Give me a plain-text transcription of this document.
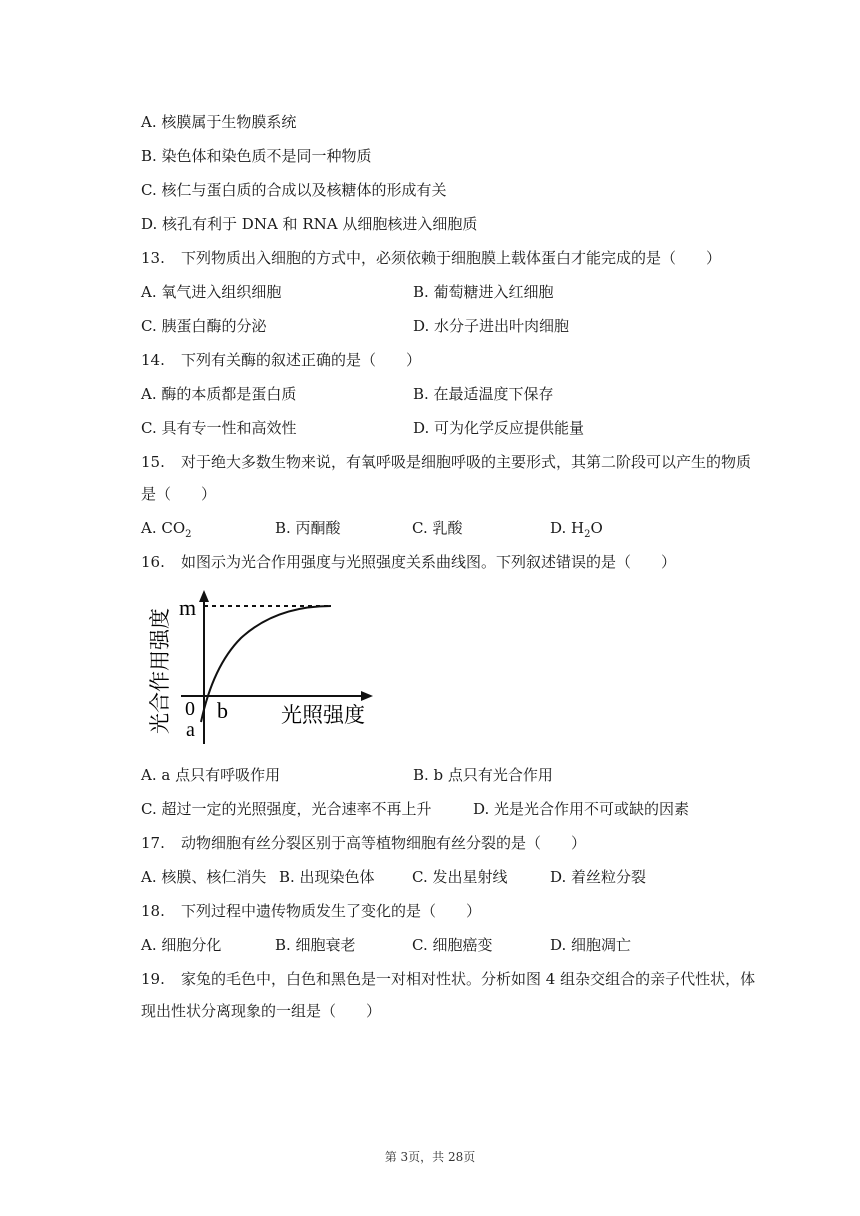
A. 核膜属于生物膜系统
B. 染色体和染色质不是同一种物质
C. 核仁与蛋白质的合成以及核糖体的形成有关
D. 核孔有利于 DNA 和 RNA 从细胞核进入细胞质
13. 下列物质出入细胞的方式中，必须依赖于细胞膜上载体蛋白才能完成的是（　　）
A. 氧气进入组织细胞	B. 葡萄糖进入红细胞
C. 胰蛋白酶的分泌	D. 水分子进出叶肉细胞
14. 下列有关酶的叙述正确的是（　　）
A. 酶的本质都是蛋白质	B. 在最适温度下保存
C. 具有专一性和高效性	D. 可为化学反应提供能量
15. 对于绝大多数生物来说，有氧呼吸是细胞呼吸的主要形式，其第二阶段可以产生的物质
是（　　）
A. $CO_2$	B. 丙酮酸	C. 乳酸	D. $H_2O$
16. 如图示为光合作用强度与光照强度关系曲线图。下列叙述错误的是（　　）
m
0
a
b	光照强度
光合作用强度
A. a 点只有呼吸作用	B. b 点只有光合作用
C. 超过一定的光照强度，光合速率不再上升	D. 光是光合作用不可或缺的因素
17. 动物细胞有丝分裂区别于高等植物细胞有丝分裂的是（　　）
A. 核膜、核仁消失 B. 出现染色体 C. 发出星射线	D. 着丝粒分裂
18. 下列过程中遗传物质发生了变化的是（　　）
A. 细胞分化	B. 细胞衰老	C. 细胞癌变	D. 细胞凋亡
19. 家兔的毛色中，白色和黑色是一对相对性状。分析如图 4 组杂交组合的亲子代性状，体
现出性状分离现象的一组是（　　）
第 3页，共 28页
